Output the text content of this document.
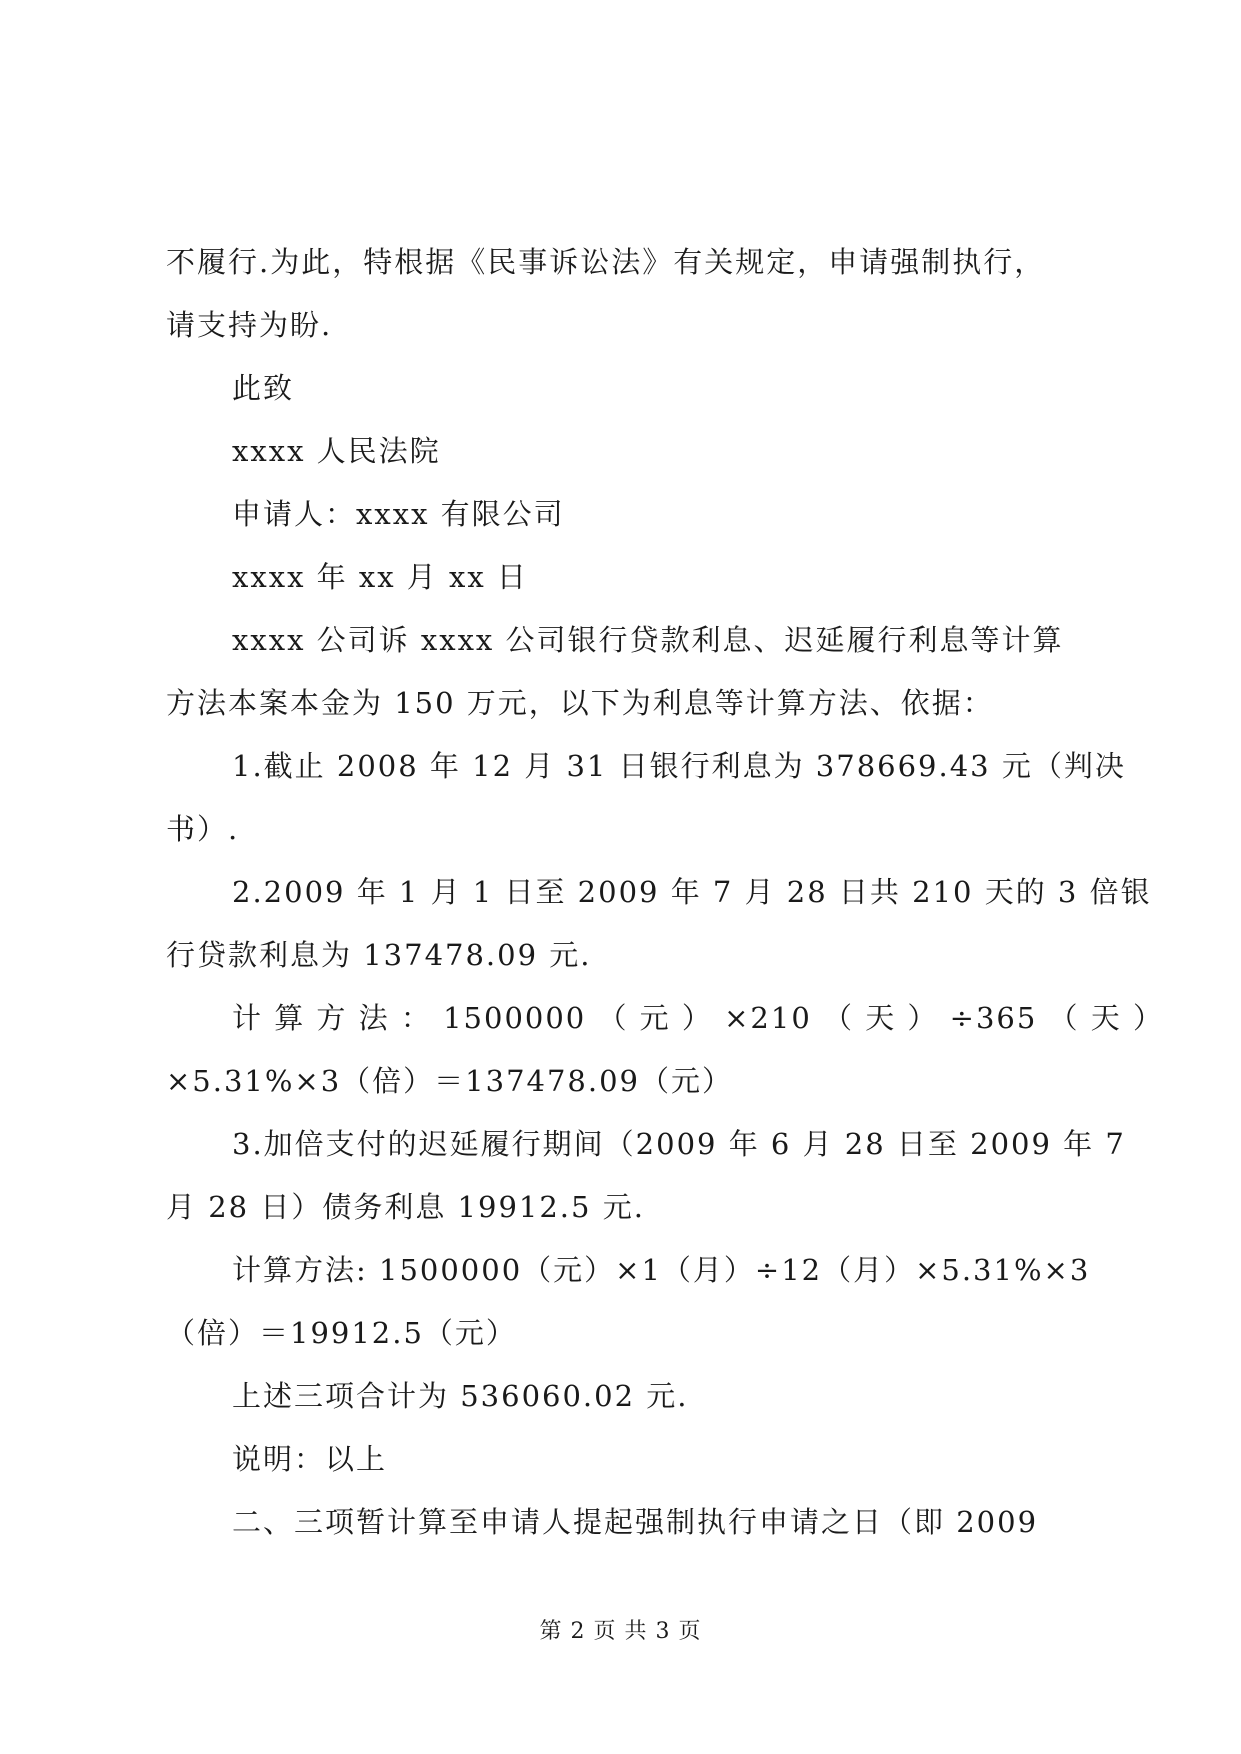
不履行.为此，特根据《民事诉讼法》有关规定，申请强制执行，
请支持为盼.
此致
xxxx 人民法院
申请人：xxxx 有限公司
xxxx 年 xx 月 xx 日
xxxx 公司诉 xxxx 公司银行贷款利息、迟延履行利息等计算
方法本案本金为 150 万元，以下为利息等计算方法、依据：
1.截止 2008 年 12 月 31 日银行利息为 378669.43 元（判决
书）.
2.2009 年 1 月 1 日至 2009 年 7 月 28 日共 210 天的 3 倍银
行贷款利息为 137478.09 元.
计 算 方 法 ： 1500000 （ 元 ） ×210 （ 天 ） ÷365 （ 天 ）
×5.31%×3（倍）＝137478.09（元）
3.加倍支付的迟延履行期间（2009 年 6 月 28 日至 2009 年 7
月 28 日）债务利息 19912.5 元.
计算方法: 1500000（元）×1（月）÷12（月）×5.31%×3
（倍）＝19912.5（元）
上述三项合计为 536060.02 元.
说明：以上
二、三项暂计算至申请人提起强制执行申请之日（即 2009
第 2 页 共 3 页
